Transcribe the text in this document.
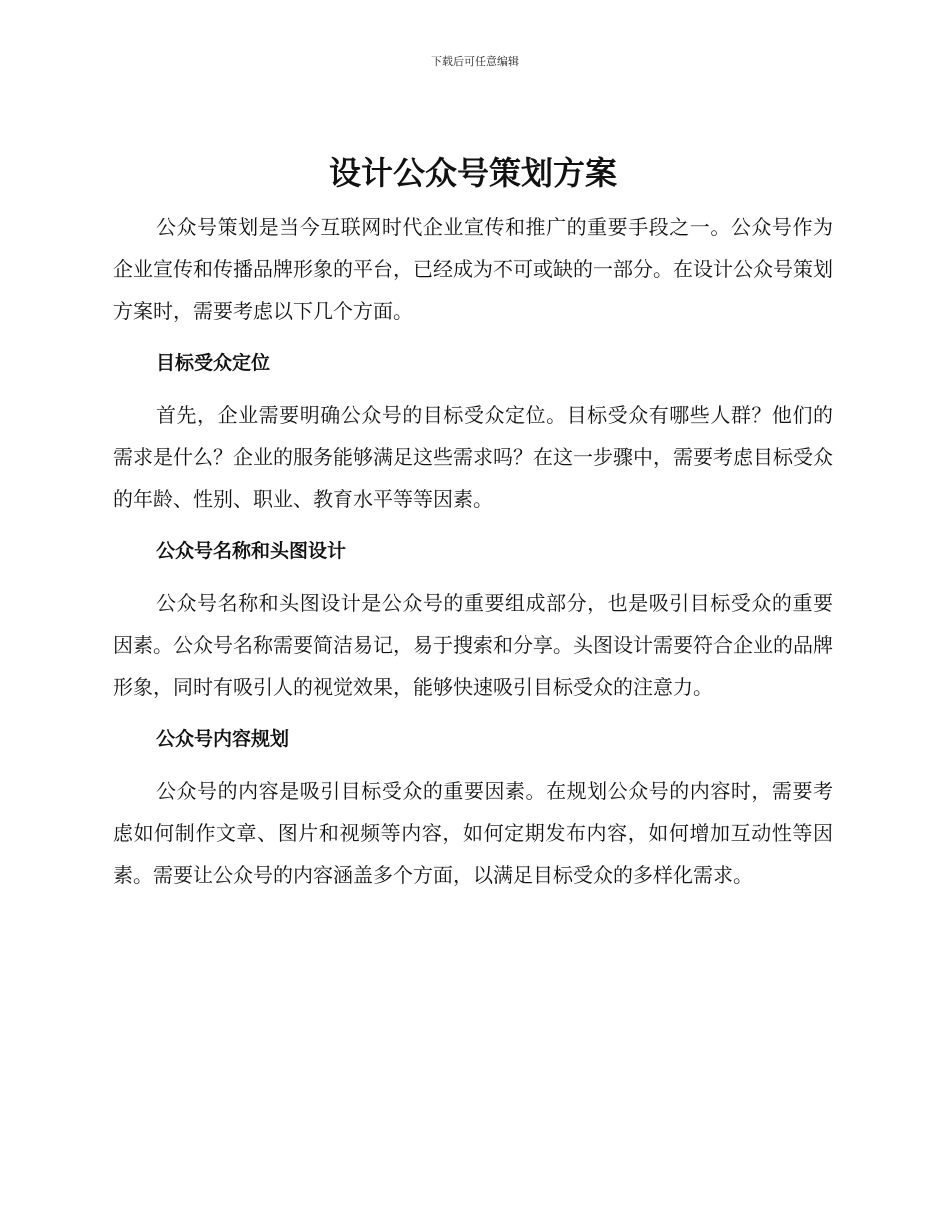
下载后可任意编辑
设计公众号策划方案

公众号策划是当今互联网时代企业宣传和推广的重要手段之一。公众号作为企业宣传和传播品牌形象的平台，已经成为不可或缺的一部分。在设计公众号策划方案时，需要考虑以下几个方面。

目标受众定位

首先，企业需要明确公众号的目标受众定位。目标受众有哪些人群？他们的需求是什么？企业的服务能够满足这些需求吗？在这一步骤中，需要考虑目标受众的年龄、性别、职业、教育水平等等因素。

公众号名称和头图设计

公众号名称和头图设计是公众号的重要组成部分，也是吸引目标受众的重要因素。公众号名称需要简洁易记，易于搜索和分享。头图设计需要符合企业的品牌形象，同时有吸引人的视觉效果，能够快速吸引目标受众的注意力。

公众号内容规划

公众号的内容是吸引目标受众的重要因素。在规划公众号的内容时，需要考虑如何制作文章、图片和视频等内容，如何定期发布内容，如何增加互动性等因素。需要让公众号的内容涵盖多个方面，以满足目标受众的多样化需求。
